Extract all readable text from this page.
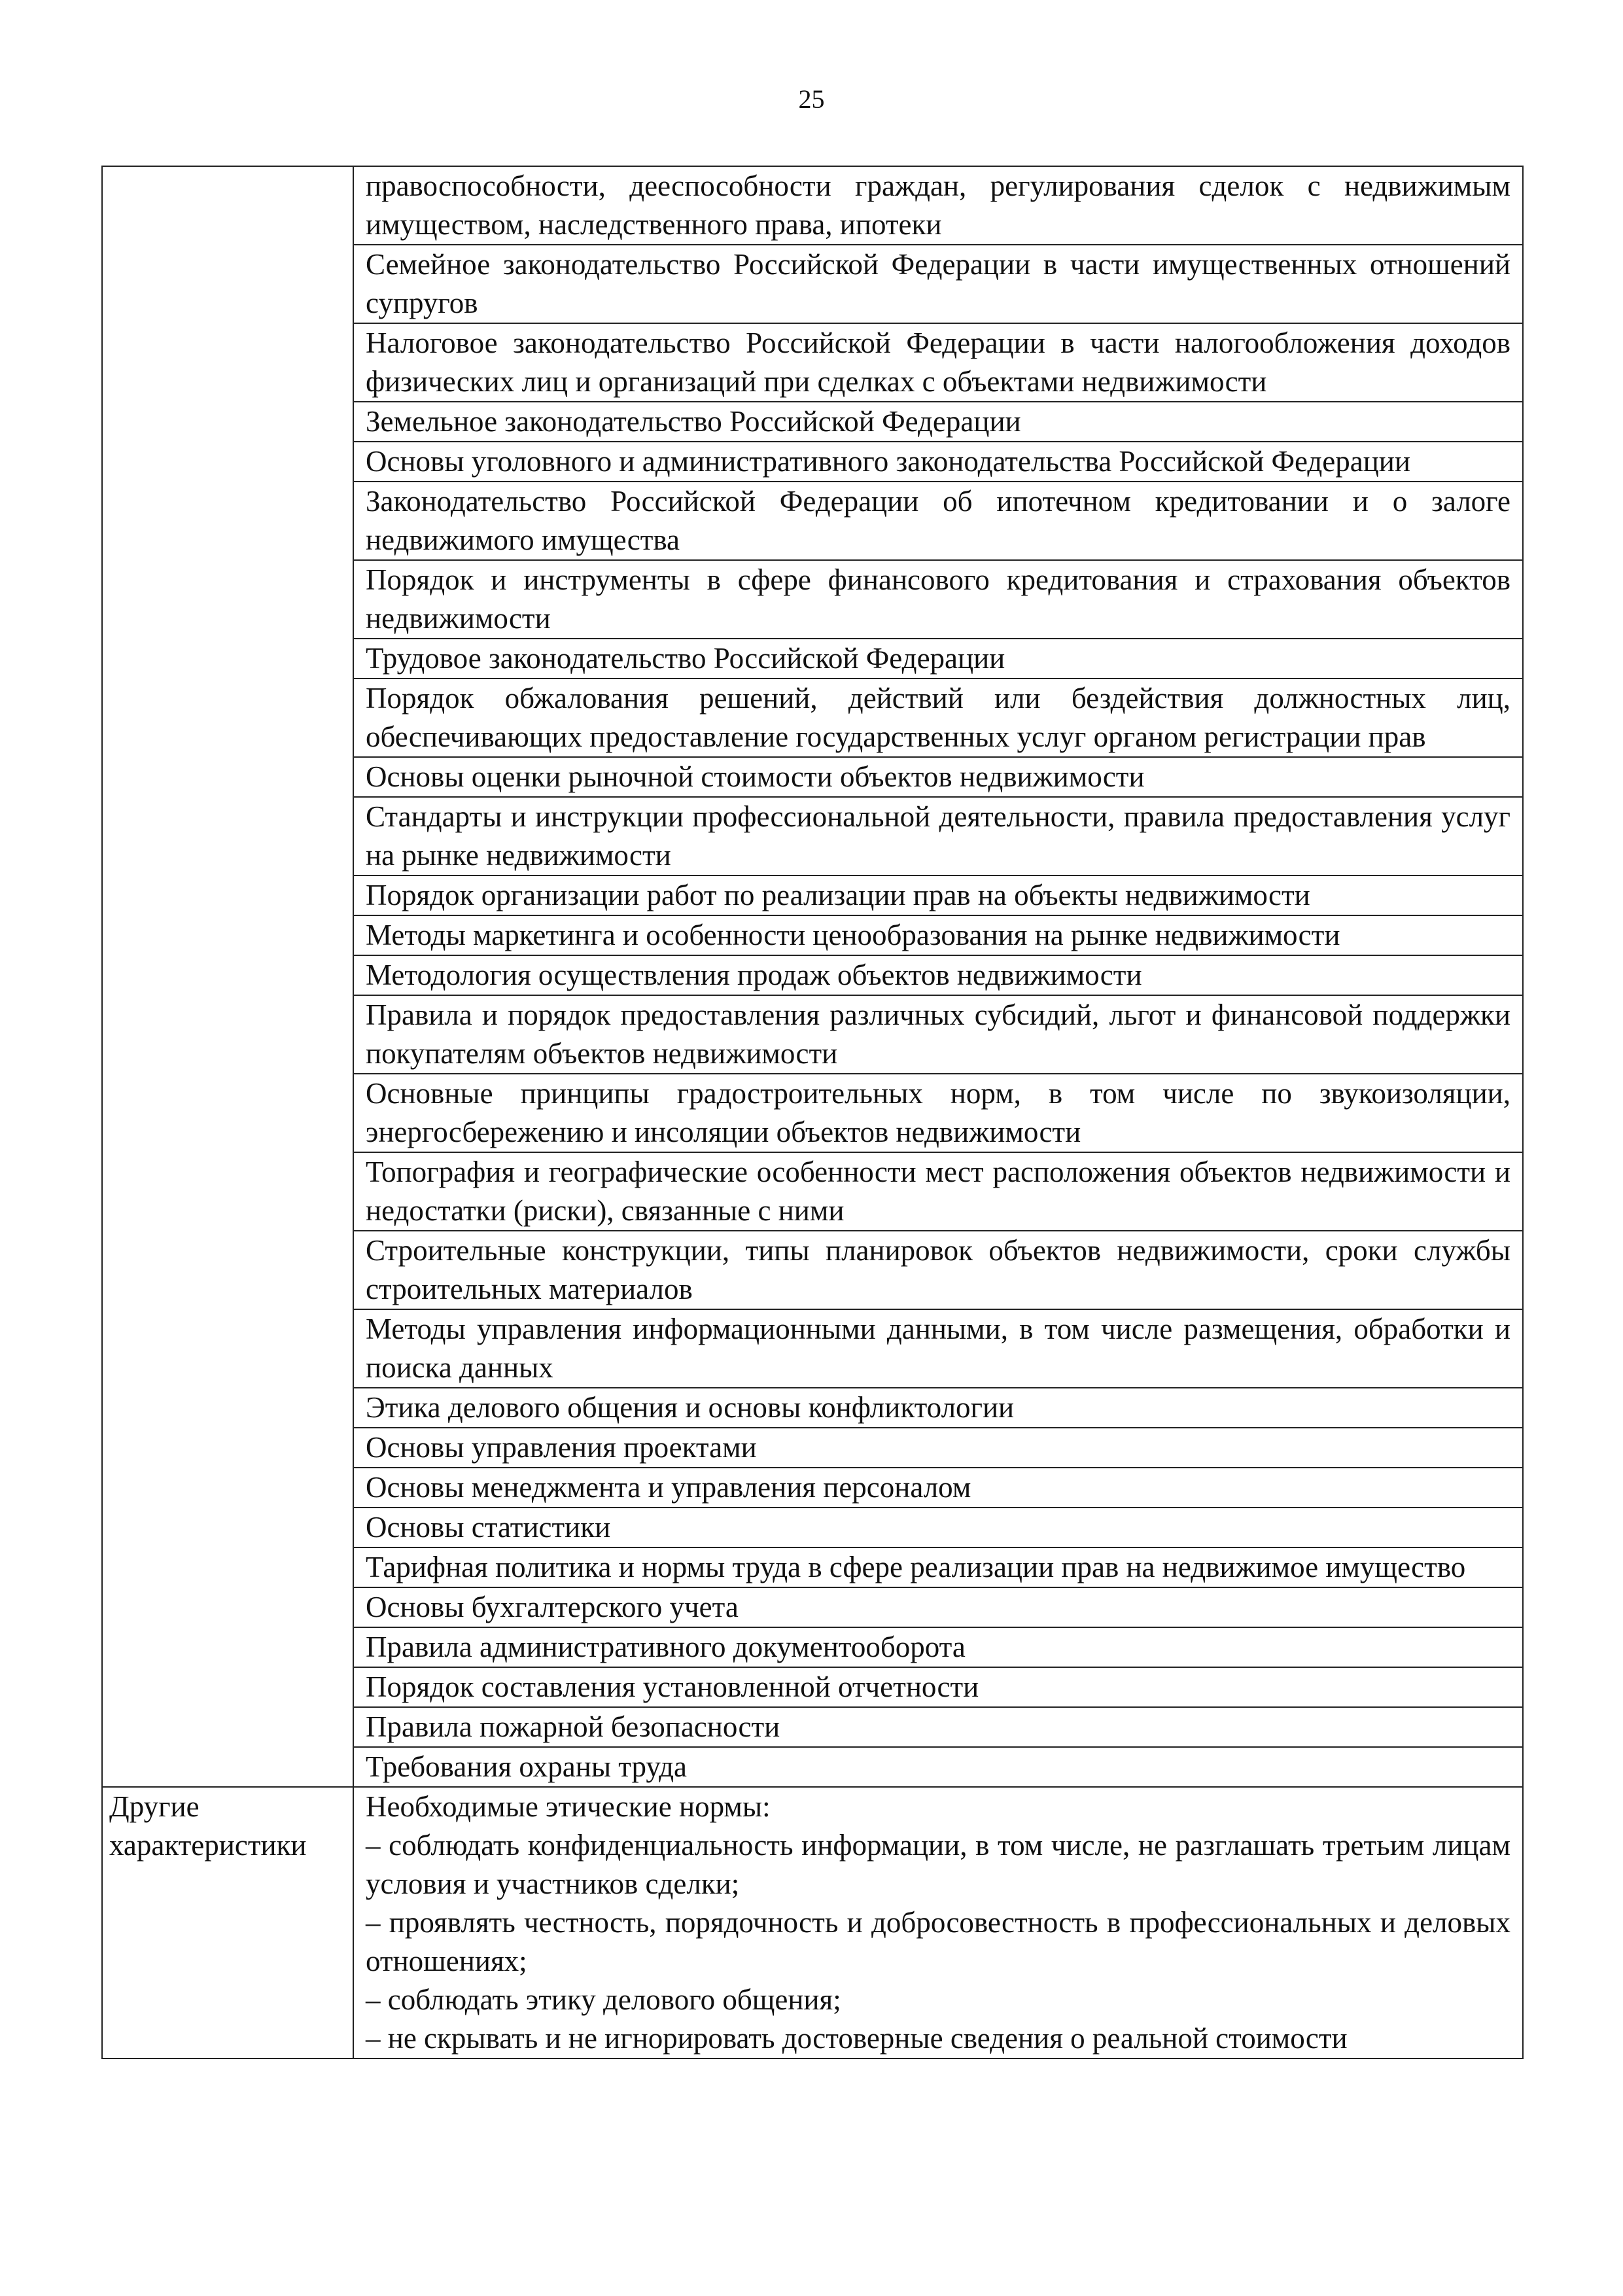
25
	правоспособности, дееспособности граждан, регулирования сделок с недвижимым имуществом, наследственного права, ипотеки
	Семейное законодательство Российской Федерации в части имущественных отношений супругов
	Налоговое законодательство Российской Федерации в части налогообложения доходов физических лиц и организаций при сделках с объектами недвижимости
	Земельное законодательство Российской Федерации
	Основы уголовного и административного законодательства Российской Федерации
	Законодательство Российской Федерации об ипотечном кредитовании и о залоге недвижимого имущества
	Порядок и инструменты в сфере финансового кредитования и страхования объектов недвижимости
	Трудовое законодательство Российской Федерации
	Порядок обжалования решений, действий или бездействия должностных лиц, обеспечивающих предоставление государственных услуг органом регистрации прав
	Основы оценки рыночной стоимости объектов недвижимости
	Стандарты и инструкции профессиональной деятельности, правила предоставления услуг на рынке недвижимости
	Порядок организации работ по реализации прав на объекты недвижимости
	Методы маркетинга и особенности ценообразования на рынке недвижимости
	Методология осуществления продаж объектов недвижимости
	Правила и порядок предоставления различных субсидий, льгот и финансовой поддержки покупателям объектов недвижимости
	Основные принципы градостроительных норм, в том числе по звукоизоляции, энергосбережению и инсоляции объектов недвижимости
	Топография и географические особенности мест расположения объектов недвижимости и недостатки (риски), связанные с ними
	Строительные конструкции, типы планировок объектов недвижимости, сроки службы строительных материалов
	Методы управления информационными данными, в том числе размещения, обработки и поиска данных
	Этика делового общения и основы конфликтологии
	Основы управления проектами
	Основы менеджмента и управления персоналом
	Основы статистики
	Тарифная политика и нормы труда в сфере реализации прав на недвижимое имущество
	Основы бухгалтерского учета
	Правила административного документооборота
	Порядок составления установленной отчетности
	Правила пожарной безопасности
	Требования охраны труда

Другие
характеристики	Необходимые этические нормы:
– соблюдать конфиденциальность информации, в том числе, не разглашать третьим лицам условия и участников сделки;
– проявлять честность, порядочность и добросовестность в профессиональных и деловых отношениях;
– соблюдать этику делового общения;
– не скрывать и не игнорировать достоверные сведения о реальной стоимости
